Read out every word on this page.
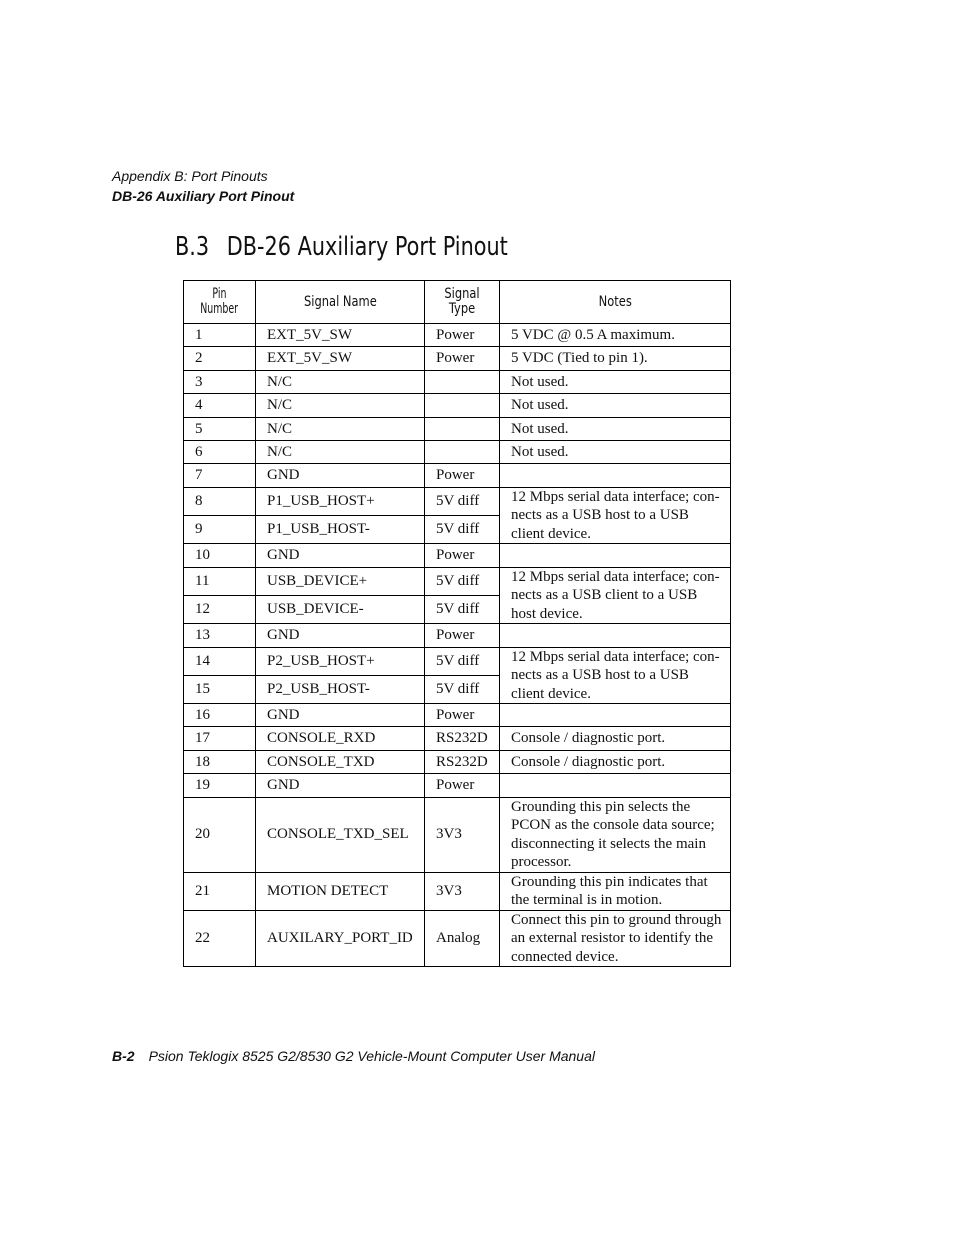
Appendix B: Port Pinouts
DB-26 Auxiliary Port Pinout
B.3 DB-26 Auxiliary Port Pinout
Pin
Number	Signal Name	Signal Type	Notes
1	EXT_5V_SW	Power	5 VDC @ 0.5 A maximum.
2	EXT_5V_SW	Power	5 VDC (Tied to pin 1).
3	N/C		Not used.
4	N/C		Not used.
5	N/C		Not used.
6	N/C		Not used.
7	GND	Power	
8	P1_USB_HOST+	5V diff	12 Mbps serial data interface; con-nects as a USB host to a USB client device.
9	P1_USB_HOST-	5V diff	
10	GND	Power	
11	USB_DEVICE+	5V diff	12 Mbps serial data interface; con-nects as a USB client to a USB host device.
12	USB_DEVICE-	5V diff	
13	GND	Power	
14	P2_USB_HOST+	5V diff	12 Mbps serial data interface; con-nects as a USB host to a USB client device.
15	P2_USB_HOST-	5V diff	
16	GND	Power	
17	CONSOLE_RXD	RS232D	Console / diagnostic port.
18	CONSOLE_TXD	RS232D	Console / diagnostic port.
19	GND	Power	
20	CONSOLE_TXD_SEL	3V3	Grounding this pin selects the PCON as the console data source; disconnecting it selects the main processor.
21	MOTION DETECT	3V3	Grounding this pin indicates that the terminal is in motion.
22	AUXILARY_PORT_ID	Analog	Connect this pin to ground through an external resistor to identify the connected device.
B-2 Psion Teklogix 8525 G2/8530 G2 Vehicle-Mount Computer User Manual
